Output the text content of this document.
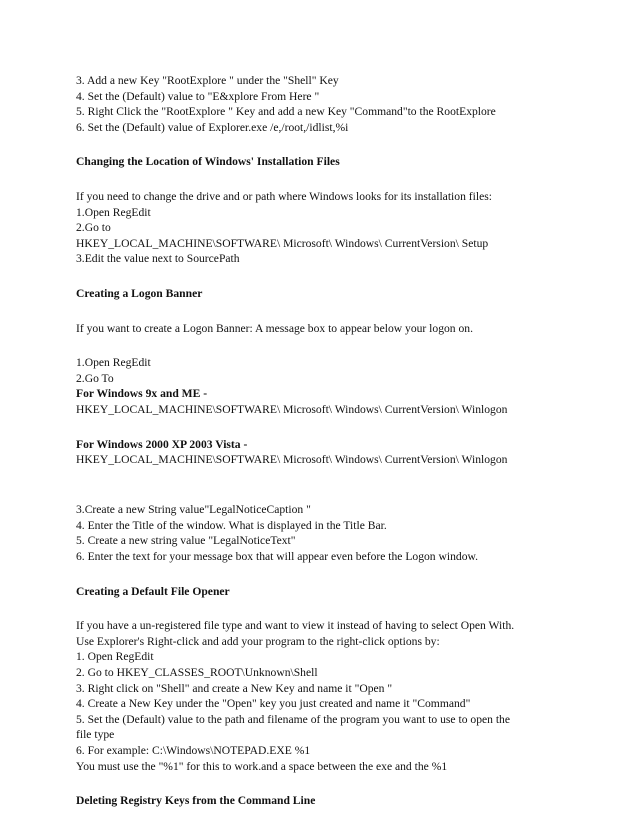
3. Add a new Key "RootExplore " under the "Shell" Key
4. Set the (Default) value to "E&xplore From Here "
5. Right Click the "RootExplore " Key and add a new Key "Command"to the RootExplore
6. Set the (Default) value of Explorer.exe /e,/root,/idlist,%i
Changing the Location of Windows' Installation Files
If you need to change the drive and or path where Windows looks for its installation files:
1.Open RegEdit
2.Go to
HKEY_LOCAL_MACHINE\SOFTWARE\ Microsoft\ Windows\ CurrentVersion\ Setup
3.Edit the value next to SourcePath
Creating a Logon Banner
If you want to create a Logon Banner: A message box to appear below your logon on.
1.Open RegEdit
2.Go To
For Windows 9x and ME -
HKEY_LOCAL_MACHINE\SOFTWARE\ Microsoft\ Windows\ CurrentVersion\ Winlogon
For Windows 2000 XP 2003 Vista -
HKEY_LOCAL_MACHINE\SOFTWARE\ Microsoft\ Windows\ CurrentVersion\ Winlogon
3.Create a new String value"LegalNoticeCaption "
4. Enter the Title of the window. What is displayed in the Title Bar.
5. Create a new string value "LegalNoticeText"
6. Enter the text for your message box that will appear even before the Logon window.
Creating a Default File Opener
If you have a un-registered file type and want to view it instead of having to select Open With.
Use Explorer's Right-click and add your program to the right-click options by:
1. Open RegEdit
2. Go to HKEY_CLASSES_ROOT\Unknown\Shell
3. Right click on "Shell" and create a New Key and name it "Open "
4. Create a New Key under the "Open" key you just created and name it "Command"
5. Set the (Default) value to the path and filename of the program you want to use to open the
file type
6. For example: C:\Windows\NOTEPAD.EXE %1
You must use the "%1" for this to work.and a space between the exe and the %1
Deleting Registry Keys from the Command Line
